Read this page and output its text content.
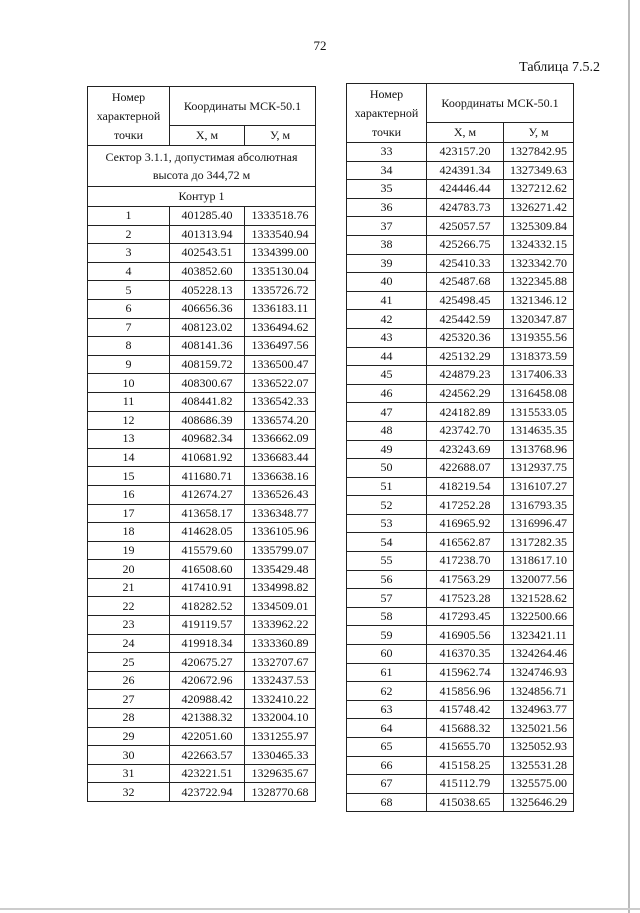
72
Таблица 7.5.2
Номер характерной точки	Координаты МСК-50.1	
	X, м	У, м
Сектор 3.1.1, допустимая абсолютная высота до 344,72 м		
Контур 1		
1	401285.40	1333518.76
2	401313.94	1333540.94
3	402543.51	1334399.00
4	403852.60	1335130.04
5	405228.13	1335726.72
6	406656.36	1336183.11
7	408123.02	1336494.62
8	408141.36	1336497.56
9	408159.72	1336500.47
10	408300.67	1336522.07
11	408441.82	1336542.33
12	408686.39	1336574.20
13	409682.34	1336662.09
14	410681.92	1336683.44
15	411680.71	1336638.16
16	412674.27	1336526.43
17	413658.17	1336348.77
18	414628.05	1336105.96
19	415579.60	1335799.07
20	416508.60	1335429.48
21	417410.91	1334998.82
22	418282.52	1334509.01
23	419119.57	1333962.22
24	419918.34	1333360.89
25	420675.27	1332707.67
26	420672.96	1332437.53
27	420988.42	1332410.22
28	421388.32	1332004.10
29	422051.60	1331255.97
30	422663.57	1330465.33
31	423221.51	1329635.67
32	423722.94	1328770.68
Номер характерной точки	Координаты МСК-50.1	
	X, м	У, м
33	423157.20	1327842.95
34	424391.34	1327349.63
35	424446.44	1327212.62
36	424783.73	1326271.42
37	425057.57	1325309.84
38	425266.75	1324332.15
39	425410.33	1323342.70
40	425487.68	1322345.88
41	425498.45	1321346.12
42	425442.59	1320347.87
43	425320.36	1319355.56
44	425132.29	1318373.59
45	424879.23	1317406.33
46	424562.29	1316458.08
47	424182.89	1315533.05
48	423742.70	1314635.35
49	423243.69	1313768.96
50	422688.07	1312937.75
51	418219.54	1316107.27
52	417252.28	1316793.35
53	416965.92	1316996.47
54	416562.87	1317282.35
55	417238.70	1318617.10
56	417563.29	1320077.56
57	417523.28	1321528.62
58	417293.45	1322500.66
59	416905.56	1323421.11
60	416370.35	1324264.46
61	415962.74	1324746.93
62	415856.96	1324856.71
63	415748.42	1324963.77
64	415688.32	1325021.56
65	415655.70	1325052.93
66	415158.25	1325531.28
67	415112.79	1325575.00
68	415038.65	1325646.29
